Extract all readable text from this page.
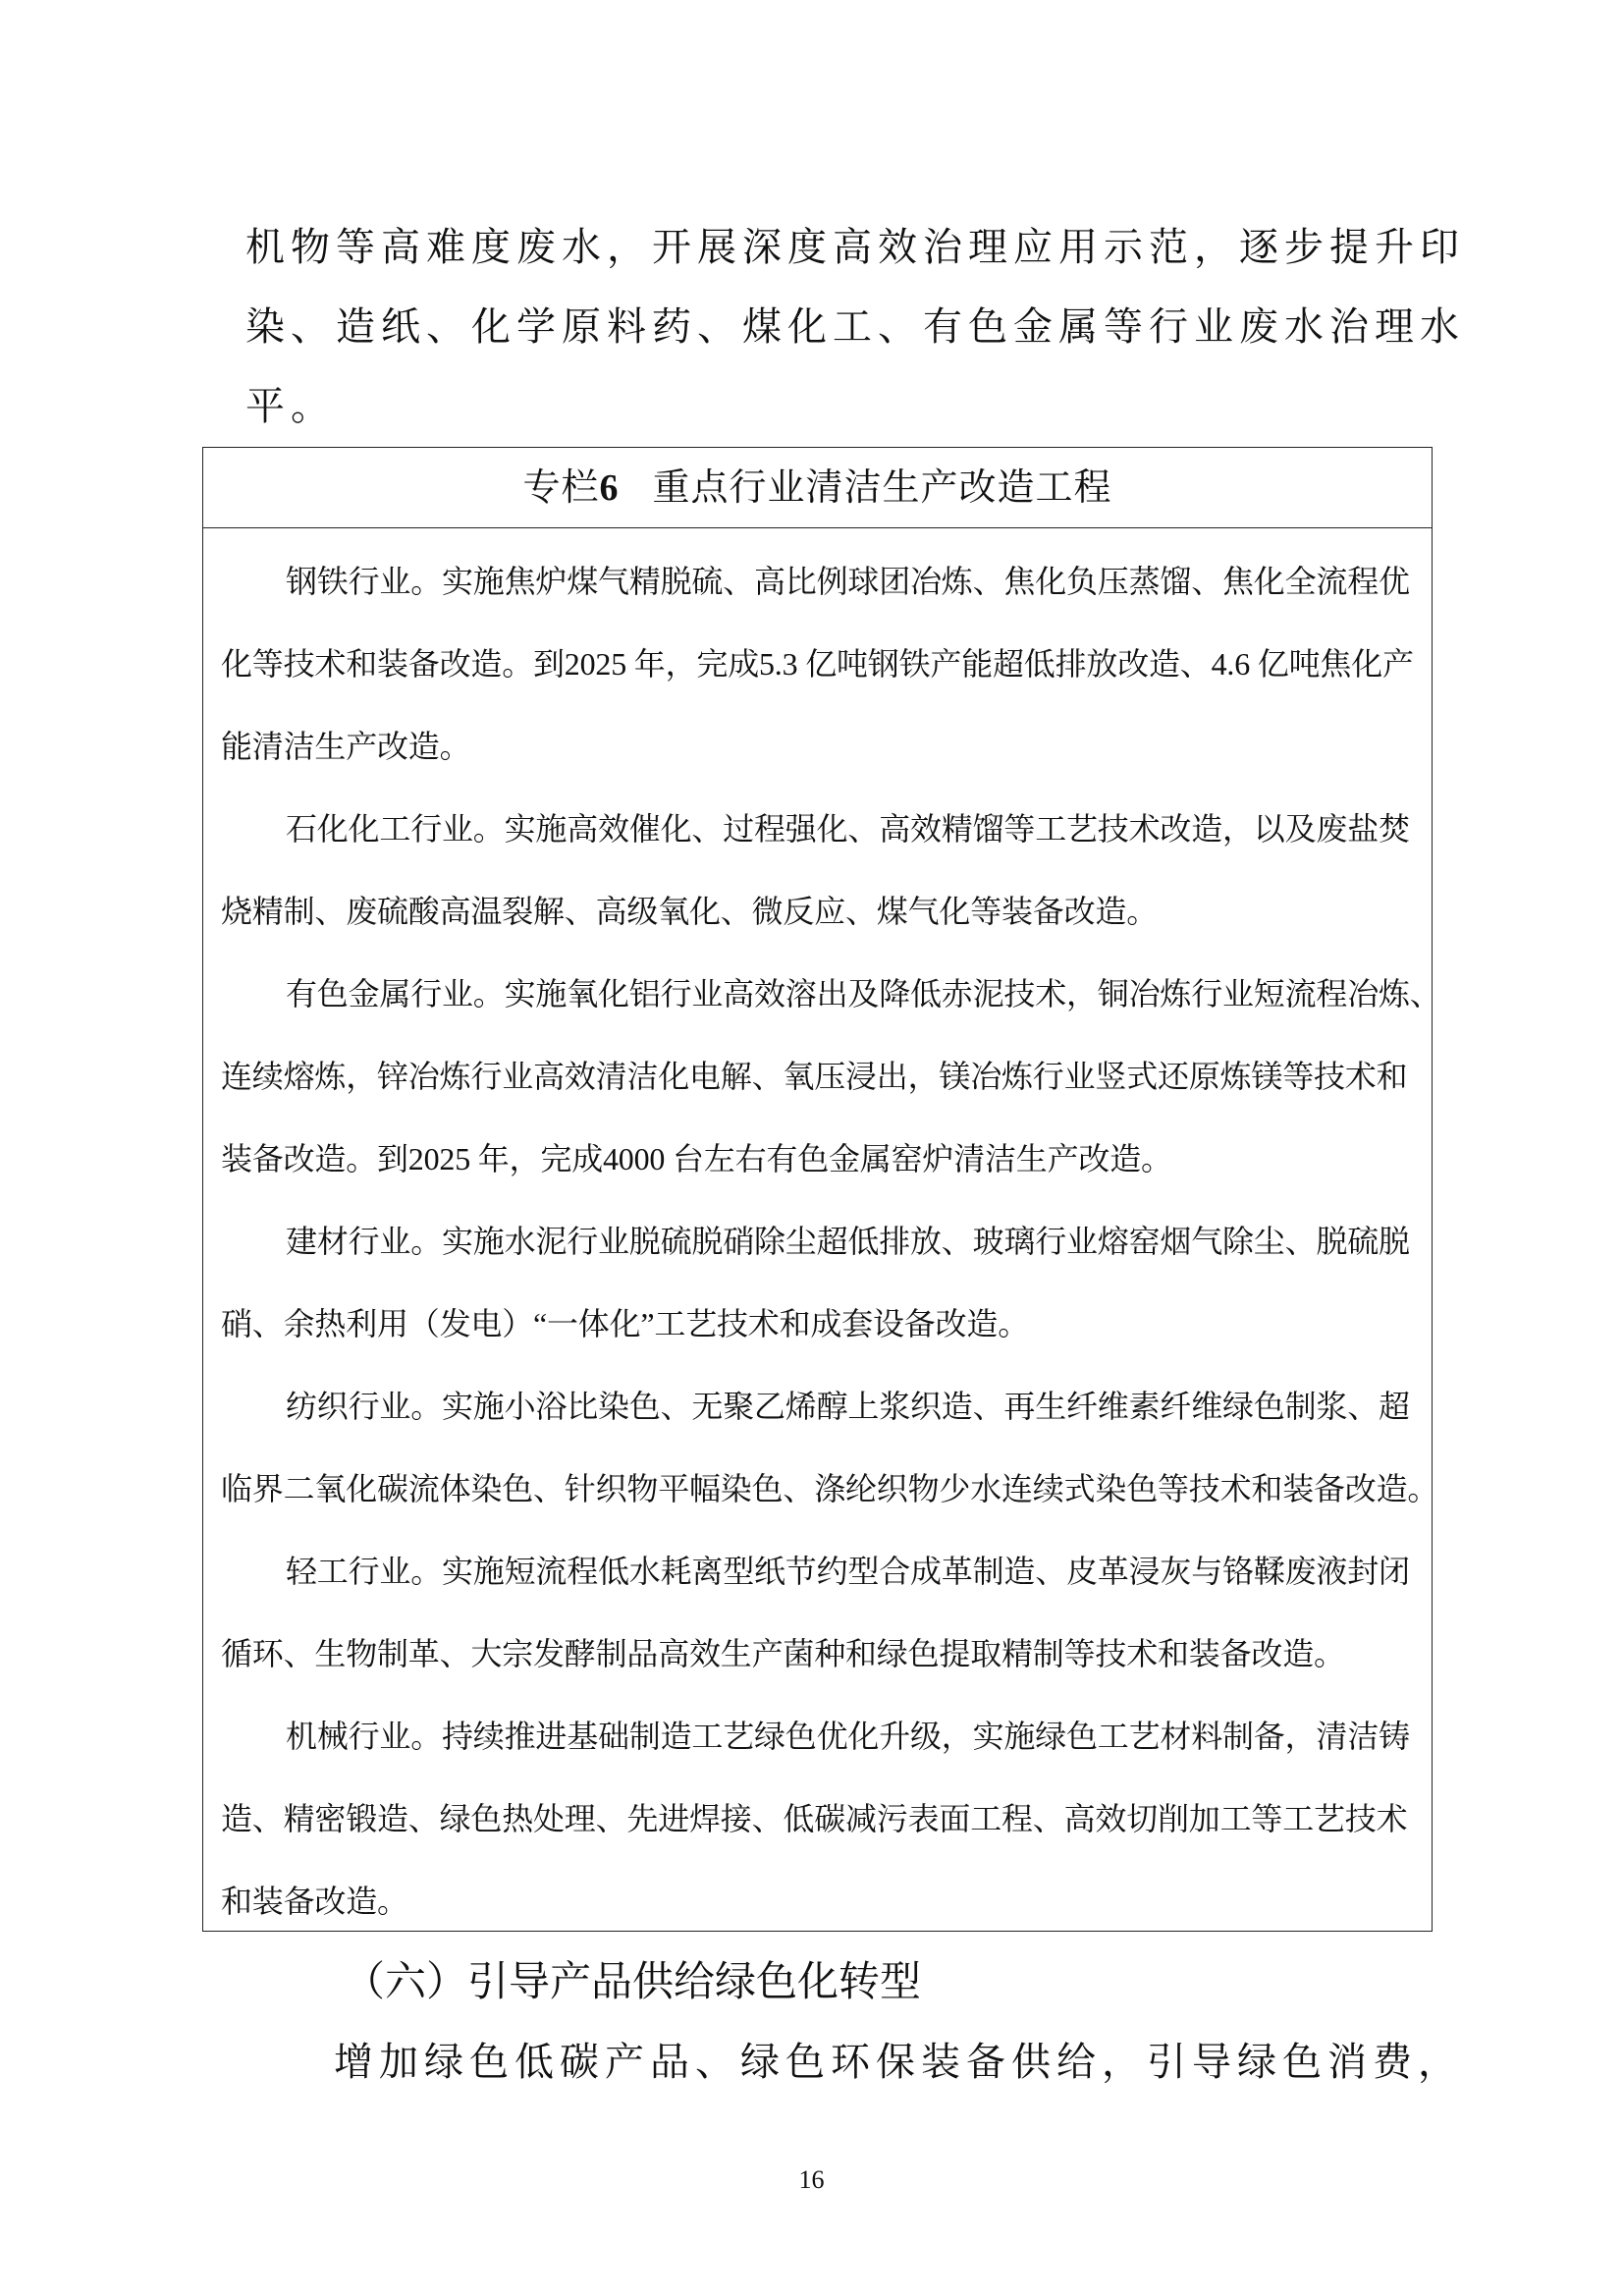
机物等高难度废水，开展深度高效治理应用示范，逐步提升印
染、造纸、化学原料药、煤化工、有色金属等行业废水治理水
平。
专栏6 重点行业清洁生产改造工程
钢铁行业。实施焦炉煤气精脱硫、高比例球团冶炼、焦化负压蒸馏、焦化全流程优
化等技术和装备改造。到2025 年，完成5.3 亿吨钢铁产能超低排放改造、4.6 亿吨焦化产
能清洁生产改造。
石化化工行业。实施高效催化、过程强化、高效精馏等工艺技术改造，以及废盐焚
烧精制、废硫酸高温裂解、高级氧化、微反应、煤气化等装备改造。
有色金属行业。实施氧化铝行业高效溶出及降低赤泥技术，铜冶炼行业短流程冶炼、
连续熔炼，锌冶炼行业高效清洁化电解、氧压浸出，镁冶炼行业竖式还原炼镁等技术和
装备改造。到2025 年，完成4000 台左右有色金属窑炉清洁生产改造。
建材行业。实施水泥行业脱硫脱硝除尘超低排放、玻璃行业熔窑烟气除尘、脱硫脱
硝、余热利用（发电）“一体化”工艺技术和成套设备改造。
纺织行业。实施小浴比染色、无聚乙烯醇上浆织造、再生纤维素纤维绿色制浆、超
临界二氧化碳流体染色、针织物平幅染色、涤纶织物少水连续式染色等技术和装备改造。
轻工行业。实施短流程低水耗离型纸节约型合成革制造、皮革浸灰与铬鞣废液封闭
循环、生物制革、大宗发酵制品高效生产菌种和绿色提取精制等技术和装备改造。
机械行业。持续推进基础制造工艺绿色优化升级，实施绿色工艺材料制备，清洁铸
造、精密锻造、绿色热处理、先进焊接、低碳减污表面工程、高效切削加工等工艺技术
和装备改造。
（六）引导产品供给绿色化转型
增加绿色低碳产品、绿色环保装备供给，引导绿色消费，
16
